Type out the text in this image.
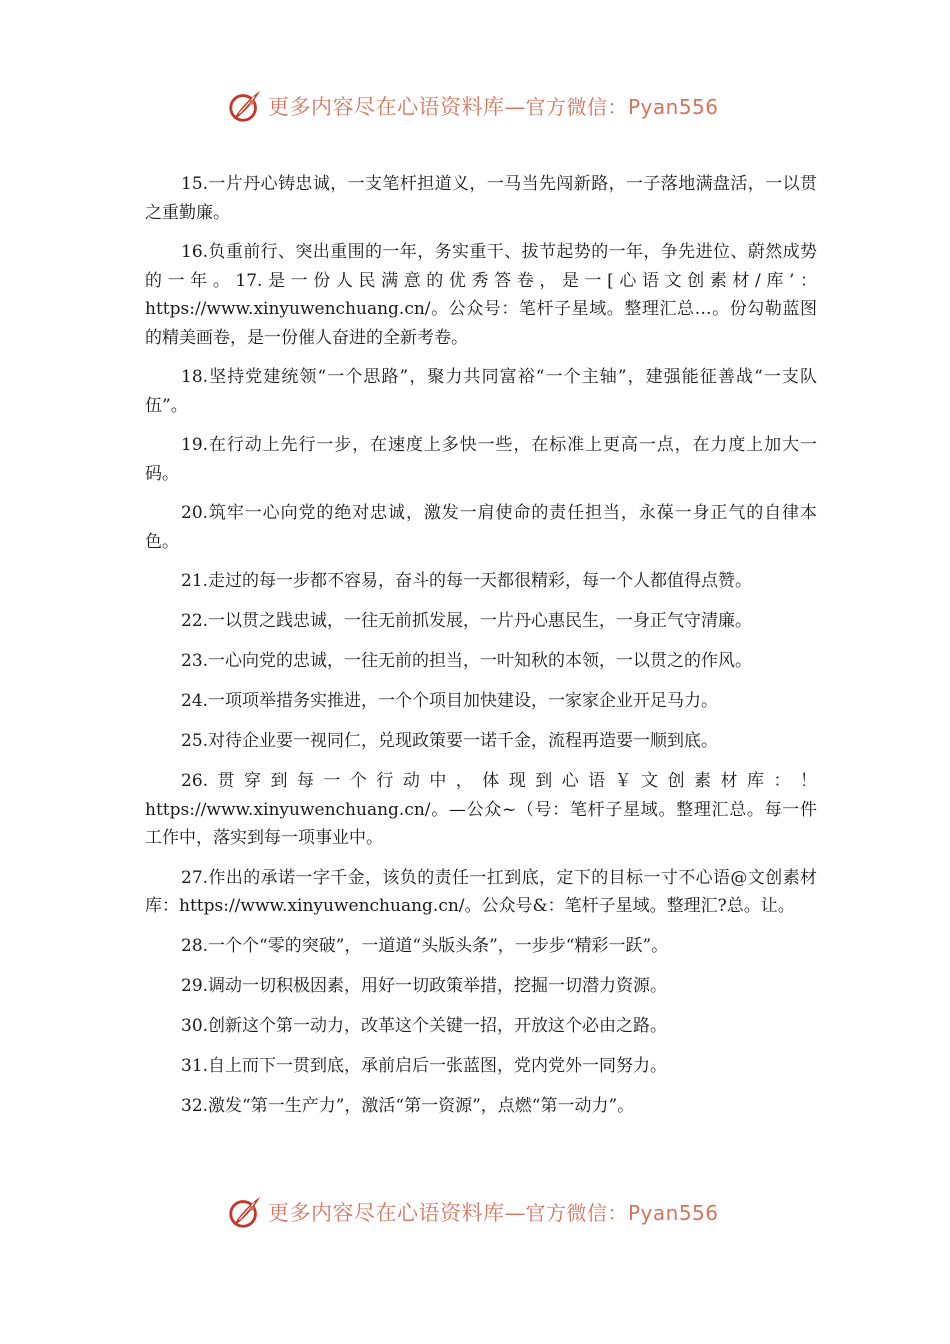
更多内容尽在心语资料库—官方微信：Pyan556

15.一片丹心铸忠诚，一支笔杆担道义，一马当先闯新路，一子落地满盘活，一以贯之重勤廉。

16.负重前行、突出重围的一年，务实重干、拔节起势的一年，争先进位、蔚然成势的一年。17.是一份人民满意的优秀答卷，是一[心语文创素材/库’：https://www.xinyuwenchuang.cn/。公众号：笔杆子星域。整理汇总…。份勾勒蓝图的精美画卷，是一份催人奋进的全新考卷。

18.坚持党建统领“一个思路”，聚力共同富裕“一个主轴”，建强能征善战“一支队伍”。

19.在行动上先行一步，在速度上多快一些，在标准上更高一点，在力度上加大一码。

20.筑牢一心向党的绝对忠诚，激发一肩使命的责任担当，永葆一身正气的自律本色。

21.走过的每一步都不容易，奋斗的每一天都很精彩，每一个人都值得点赞。

22.一以贯之践忠诚，一往无前抓发展，一片丹心惠民生，一身正气守清廉。

23.一心向党的忠诚，一往无前的担当，一叶知秋的本领，一以贯之的作风。

24.一项项举措务实推进，一个个项目加快建设，一家家企业开足马力。

25.对待企业要一视同仁，兑现政策要一诺千金，流程再造要一顺到底。

26.贯穿到每一个行动中，体现到心语￥文创素材库：！https://www.xinyuwenchuang.cn/。—公众~（号：笔杆子星域。整理汇总。每一件工作中，落实到每一项事业中。

27.作出的承诺一字千金，该负的责任一扛到底，定下的目标一寸不心语@文创素材库：https://www.xinyuwenchuang.cn/。公众号&：笔杆子星域。整理汇?总。让。

28.一个个“零的突破”，一道道“头版头条”，一步步“精彩一跃”。

29.调动一切积极因素，用好一切政策举措，挖掘一切潜力资源。

30.创新这个第一动力，改革这个关键一招，开放这个必由之路。

31.自上而下一贯到底，承前启后一张蓝图，党内党外一同努力。

32.激发“第一生产力”，激活“第一资源”，点燃“第一动力”。

更多内容尽在心语资料库—官方微信：Pyan556
